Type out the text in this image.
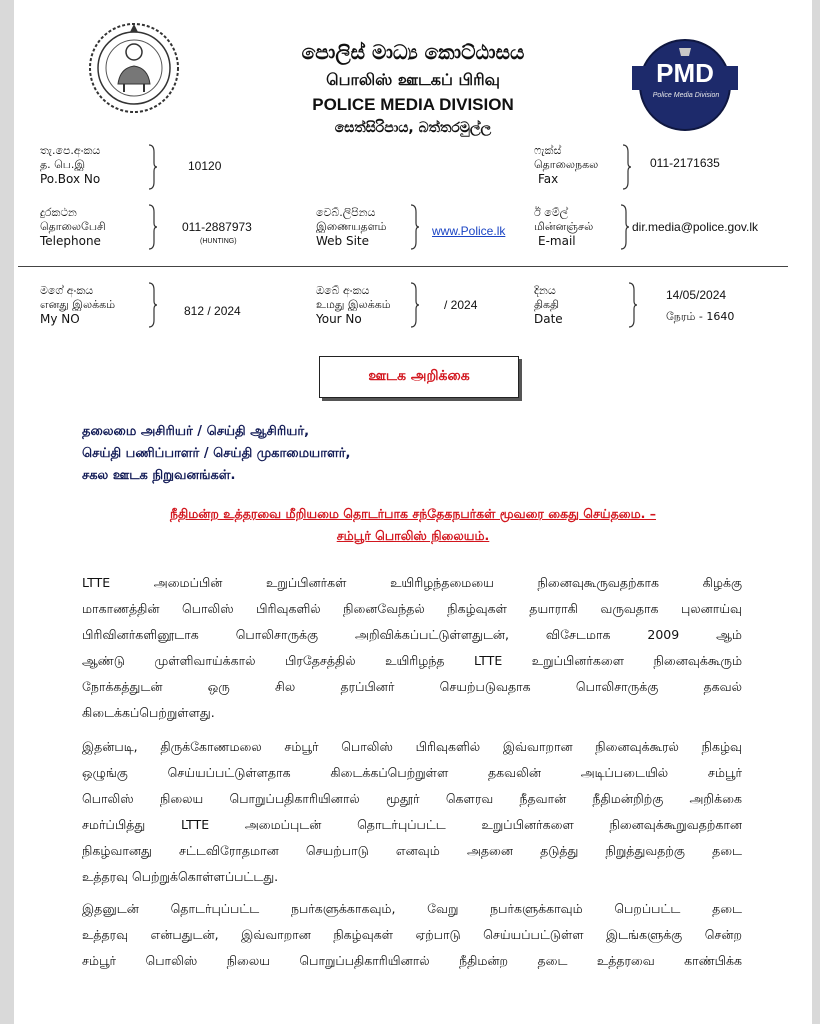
PMD
Police Media Division
පොලිස් මාධ්‍ය කොට්ඨාසය
பொலிஸ் ஊடகப் பிரிவு
POLICE MEDIA DIVISION
සෙත්සිරිපාය, බත්තරමුල්ල
තැ.පෙ.අංකය
த. பெ.இ
Po.Box No
10120
ෆැක්ස්
தொலைநகல
Fax
011-2171635
දුරකථන
தொலைபேசி
Telephone
011-2887973
(HUNTING)
වෙබ්.ලිපිනය
இணையதளம்
Web Site
www.Police.lk
ඊ මේල්
மின்னஞ்சல்
E-mail
dir.media@police.gov.lk
මගේ අංකය
எனது இலக்கம்
My NO
812 / 2024
ඔබේ අංකය
உமது இலக்கம்
Your No
/ 2024
දිනය
திகதி
Date
14/05/2024
நேரம் - 1640
ஊடக அறிக்கை
தலைமை அசிரியர் / செய்தி ஆசிரியர்,
செய்தி பணிப்பாளர் / செய்தி முகாமையாளர்,
சகல ஊடக நிறுவனங்கள்.
நீதிமன்ற உத்தரவை மீறியமை தொடர்பாக சந்தேகநபர்கள் மூவரை கைது செய்தமை. –
சம்பூர் பொலிஸ் நிலையம்.
LTTE அமைப்பின் உறுப்பினர்கள் உயிரிழந்தமையை நினைவுகூருவதற்காக கிழக்கு
மாகாணத்தின் பொலிஸ் பிரிவுகளில் நினைவேந்தல் நிகழ்வுகள் தயாராகி வருவதாக புலனாய்வு
பிரிவினர்களினூடாக பொலிசாருக்கு அறிவிக்கப்பட்டுள்ளதுடன், விசேடமாக 2009 ஆம்
ஆண்டு முள்ளிவாய்க்கால் பிரதேசத்தில் உயிரிழந்த LTTE உறுப்பினர்களை நினைவுக்கூரும்
நோக்கத்துடன் ஒரு சில தரப்பினர் செயற்படுவதாக பொலிசாருக்கு தகவல்
கிடைக்கப்பெற்றுள்ளது.
இதன்படி, திருக்கோணமலை சம்பூர் பொலிஸ் பிரிவுகளில் இவ்வாறான நினைவுக்கூரல் நிகழ்வு
ஒழுங்கு செய்யப்பட்டுள்ளதாக கிடைக்கப்பெற்றுள்ள தகவலின் அடிப்படையில் சம்பூர்
பொலிஸ் நிலைய பொறுப்பதிகாரியினால் மூதூர் கௌரவ நீதவான் நீதிமன்றிற்கு அறிக்கை
சமர்ப்பித்து LTTE அமைப்புடன் தொடர்புப்பட்ட உறுப்பினர்களை நினைவுக்கூறுவதற்கான
நிகழ்வானது சட்டவிரோதமான செயற்பாடு எனவும் அதனை தடுத்து நிறுத்துவதற்கு தடை
உத்தரவு பெற்றுக்கொள்ளப்பட்டது.
இதனுடன் தொடர்புப்பட்ட நபர்களுக்காகவும், வேறு நபர்களுக்காவும் பெறப்பட்ட தடை
உத்தரவு என்பதுடன், இவ்வாறான நிகழ்வுகள் ஏற்பாடு செய்யப்பட்டுள்ள இடங்களுக்கு சென்ற
சம்பூர் பொலிஸ் நிலைய பொறுப்பதிகாரியினால் நீதிமன்ற தடை உத்தரவை காண்பிக்க
